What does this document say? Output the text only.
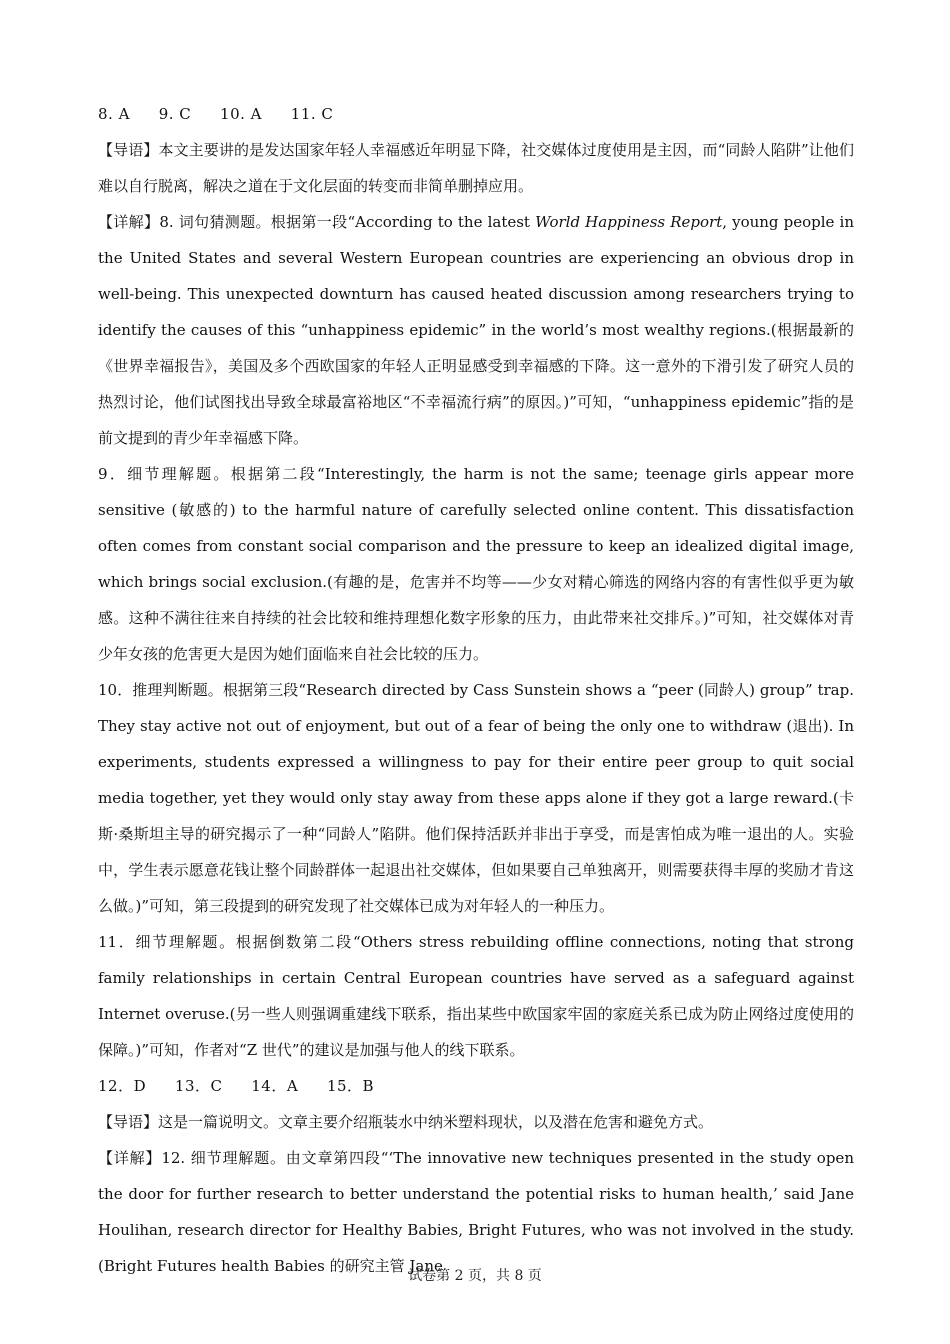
8. A 9. C 10. A 11. C

【导语】本文主要讲的是发达国家年轻人幸福感近年明显下降，社交媒体过度使用是主因，而“同龄人陷阱”让他们难以自行脱离，解决之道在于文化层面的转变而非简单删掉应用。

【详解】8. 词句猜测题。根据第一段“According to the latest World Happiness Report, young people in the United States and several Western European countries are experiencing an obvious drop in well-being. This unexpected downturn has caused heated discussion among researchers trying to identify the causes of this “unhappiness epidemic” in the world’s most wealthy regions.(根据最新的《世界幸福报告》，美国及多个西欧国家的年轻人正明显感受到幸福感的下降。这一意外的下滑引发了研究人员的热烈讨论，他们试图找出导致全球最富裕地区“不幸福流行病”的原因。)”可知，“unhappiness epidemic”指的是前文提到的青少年幸福感下降。

9．细节理解题。根据第二段“Interestingly, the harm is not the same; teenage girls appear more sensitive (敏感的) to the harmful nature of carefully selected online content. This dissatisfaction often comes from constant social comparison and the pressure to keep an idealized digital image, which brings social exclusion.(有趣的是，危害并不均等——少女对精心筛选的网络内容的有害性似乎更为敏感。这种不满往往来自持续的社会比较和维持理想化数字形象的压力，由此带来社交排斥。)”可知，社交媒体对青少年女孩的危害更大是因为她们面临来自社会比较的压力。

10．推理判断题。根据第三段“Research directed by Cass Sunstein shows a “peer (同龄人) group” trap. They stay active not out of enjoyment, but out of a fear of being the only one to withdraw (退出). In experiments, students expressed a willingness to pay for their entire peer group to quit social media together, yet they would only stay away from these apps alone if they got a large reward.(卡斯·桑斯坦主导的研究揭示了一种“同龄人”陷阱。他们保持活跃并非出于享受，而是害怕成为唯一退出的人。实验中，学生表示愿意花钱让整个同龄群体一起退出社交媒体，但如果要自己单独离开，则需要获得丰厚的奖励才肯这么做。)”可知，第三段提到的研究发现了社交媒体已成为对年轻人的一种压力。

11．细节理解题。根据倒数第二段“Others stress rebuilding offline connections, noting that strong family relationships in certain Central European countries have served as a safeguard against Internet overuse.(另一些人则强调重建线下联系，指出某些中欧国家牢固的家庭关系已成为防止网络过度使用的保障。)”可知，作者对“Z 世代”的建议是加强与他人的线下联系。

12．D 13．C 14．A 15．B

【导语】这是一篇说明文。文章主要介绍瓶装水中纳米塑料现状，以及潜在危害和避免方式。

【详解】12. 细节理解题。由文章第四段“‘The innovative new techniques presented in the study open the door for further research to better understand the potential risks to human health,’ said Jane Houlihan, research director for Healthy Babies, Bright Futures, who was not involved in the study. (Bright Futures health Babies 的研究主管 Jane

试卷第 2 页，共 8 页
